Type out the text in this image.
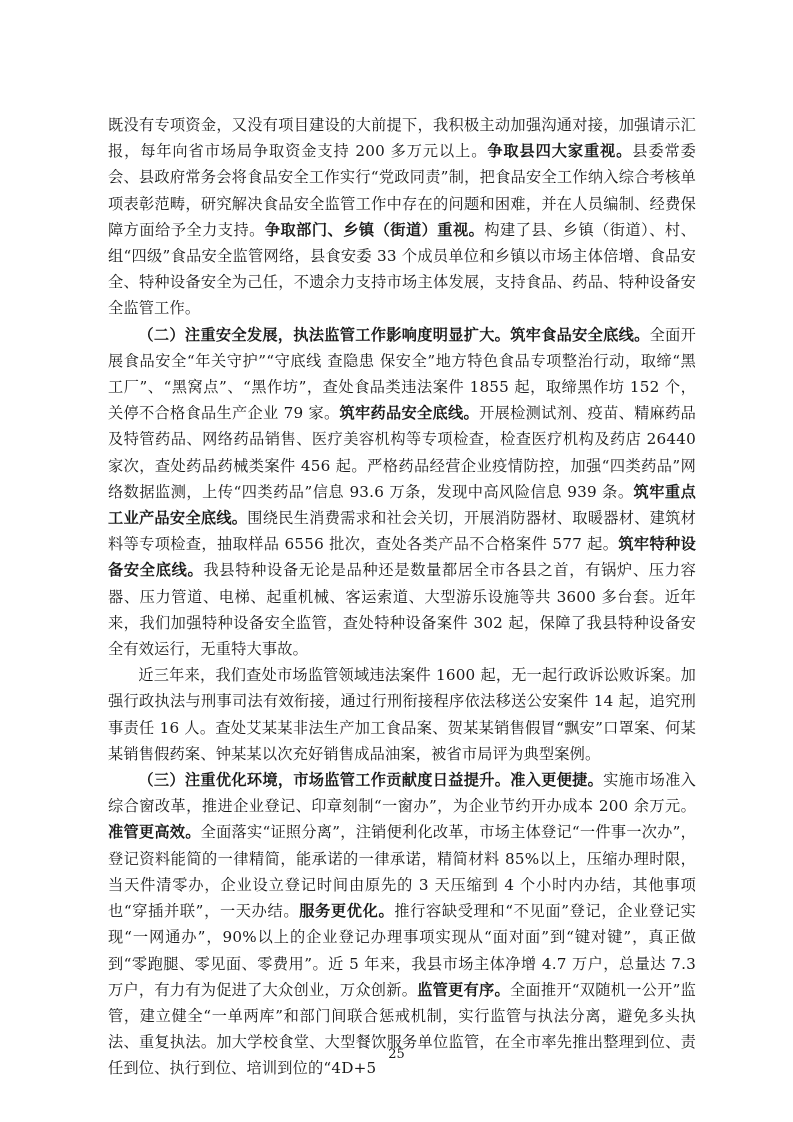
既没有专项资金，又没有项目建设的大前提下，我积极主动加强沟通对接，加强请示汇报，每年向省市场局争取资金支持 200 多万元以上。争取县四大家重视。县委常委会、县政府常务会将食品安全工作实行“党政同责”制，把食品安全工作纳入综合考核单项表彰范畴，研究解决食品安全监管工作中存在的问题和困难，并在人员编制、经费保障方面给予全力支持。争取部门、乡镇（街道）重视。构建了县、乡镇（街道）、村、组“四级”食品安全监管网络，县食安委 33 个成员单位和乡镇以市场主体倍增、食品安全、特种设备安全为己任，不遗余力支持市场主体发展，支持食品、药品、特种设备安全监管工作。

（二）注重安全发展，执法监管工作影响度明显扩大。筑牢食品安全底线。全面开展食品安全“年关守护”“守底线 查隐患 保安全”地方特色食品专项整治行动，取缔“黑工厂”、“黑窝点”、“黑作坊”，查处食品类违法案件 1855 起，取缔黑作坊 152 个，关停不合格食品生产企业 79 家。筑牢药品安全底线。开展检测试剂、疫苗、精麻药品及特管药品、网络药品销售、医疗美容机构等专项检查，检查医疗机构及药店 26440 家次，查处药品药械类案件 456 起。严格药品经营企业疫情防控，加强“四类药品”网络数据监测，上传“四类药品”信息 93.6 万条，发现中高风险信息 939 条。筑牢重点工业产品安全底线。围绕民生消费需求和社会关切，开展消防器材、取暖器材、建筑材料等专项检查，抽取样品 6556 批次，查处各类产品不合格案件 577 起。筑牢特种设备安全底线。我县特种设备无论是品种还是数量都居全市各县之首，有锅炉、压力容器、压力管道、电梯、起重机械、客运索道、大型游乐设施等共 3600 多台套。近年来，我们加强特种设备安全监管，查处特种设备案件 302 起，保障了我县特种设备安全有效运行，无重特大事故。

近三年来，我们查处市场监管领域违法案件 1600 起，无一起行政诉讼败诉案。加强行政执法与刑事司法有效衔接，通过行刑衔接程序依法移送公安案件 14 起，追究刑事责任 16 人。查处艾某某非法生产加工食品案、贺某某销售假冒“飘安”口罩案、何某某销售假药案、钟某某以次充好销售成品油案，被省市局评为典型案例。

（三）注重优化环境，市场监管工作贡献度日益提升。准入更便捷。实施市场准入综合窗改革，推进企业登记、印章刻制“一窗办”，为企业节约开办成本 200 余万元。准管更高效。全面落实“证照分离”，注销便利化改革，市场主体登记“一件事一次办”，登记资料能简的一律精简，能承诺的一律承诺，精简材料 85%以上，压缩办理时限，当天件清零办，企业设立登记时间由原先的 3 天压缩到 4 个小时内办结，其他事项也“穿插并联”，一天办结。服务更优化。推行容缺受理和“不见面”登记，企业登记实现“一网通办”，90%以上的企业登记办理事项实现从“面对面”到“键对键”，真正做到“零跑腿、零见面、零费用”。近 5 年来，我县市场主体净增 4.7 万户，总量达 7.3 万户，有力有为促进了大众创业，万众创新。监管更有序。全面推开“双随机一公开”监管，建立健全“一单两库”和部门间联合惩戒机制，实行监管与执法分离，避免多头执法、重复执法。加大学校食堂、大型餐饮服务单位监管，在全市率先推出整理到位、责任到位、执行到位、培训到位的“4D+5

25
